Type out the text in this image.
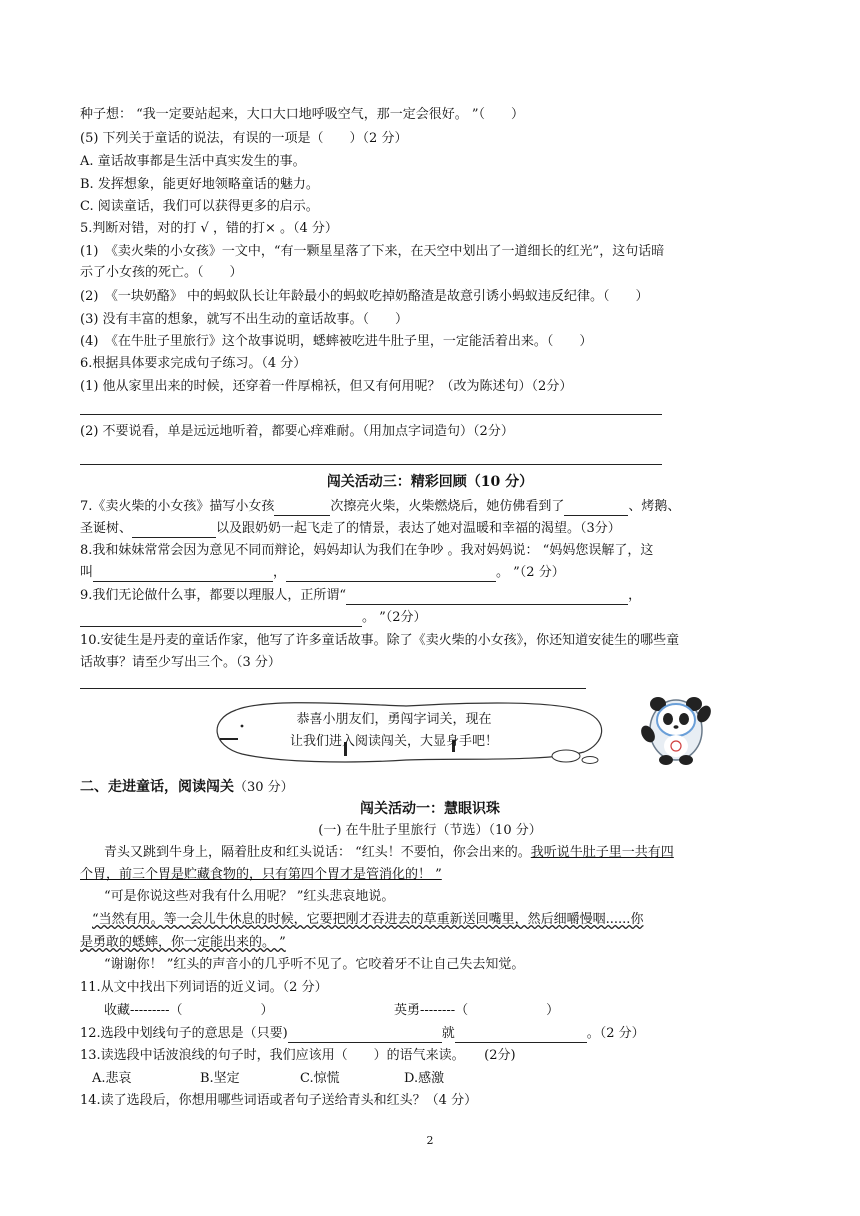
种子想： “我一定要站起来，大口大口地呼吸空气，那一定会很好。 ”（　　）
(5) 下列关于童话的说法，有误的一项是（　　）（2 分）
A. 童话故事都是生活中真实发生的事。
B. 发挥想象，能更好地领略童话的魅力。
C. 阅读童话，我们可以获得更多的启示。
5.判断对错，对的打 √ ，错的打× 。（4 分）
(1)　《卖火柴的小女孩》一文中，“有一颗星星落了下来，在天空中划出了一道细长的红光”，这句话暗
示了小女孩的死亡。（　　）
(2)　《一块奶酪》 中的蚂蚁队长让年龄最小的蚂蚁吃掉奶酪渣是故意引诱小蚂蚁违反纪律。（　　）
(3) 没有丰富的想象，就写不出生动的童话故事。（　　）
(4)　《在牛肚子里旅行》这个故事说明，蟋蟀被吃进牛肚子里，一定能活着出来。（　　）
6.根据具体要求完成句子练习。（4 分）
(1) 他从家里出来的时候，还穿着一件厚棉袄，但又有何用呢？（改为陈述句）（2分）
(2) 不要说看，单是远远地听着，都要心痒难耐。（用加点字词造句）（2分）
闯关活动三：精彩回顾（10 分）
7.《卖火柴的小女孩》描写小女孩	次擦亮火柴，火柴燃烧后，她仿佛看到了	、烤鹅、
圣诞树、	以及跟奶奶一起飞走了的情景，表达了她对温暖和幸福的渴望。（3分）
8.我和妹妹常常会因为意见不同而辩论，妈妈却认为我们在争吵 。我对妈妈说： “妈妈您误解了，这
叫	，	。 ”（2 分）
9.我们无论做什么事，都要以理服人，正所谓“	，
。 ”（2分）
10.安徒生是丹麦的童话作家，他写了许多童话故事。除了《卖火柴的小女孩》，你还知道安徒生的哪些童
话故事？请至少写出三个。（3 分）
恭喜小朋友们，勇闯字词关，现在
让我们进入阅读闯关，大显身手吧！
二、走进童话，阅读闯关（30 分）
闯关活动一：慧眼识珠
(一) 在牛肚子里旅行（节选）（10 分）
青头又跳到牛身上，隔着肚皮和红头说话： “红头！不要怕，你会出来的。我听说牛肚子里一共有四
个胃，前三个胃是贮藏食物的，只有第四个胃才是管消化的！ ”
“可是你说这些对我有什么用呢？ ”红头悲哀地说。
“当然有用。等一会儿牛休息的时候，它要把刚才吞进去的草重新送回嘴里，然后细嚼慢咽......你
是勇敢的蟋蟀，你一定能出来的。 ”
“谢谢你！ ”红头的声音小的几乎听不见了。它咬着牙不让自己失去知觉。
11.从文中找出下列词语的近义词。（2 分）
收藏---------（　　　　　　）	英勇--------（　　　　　　）
12.选段中划线句子的意思是（只要)	就	。（2 分）
13.读选段中话波浪线的句子时，我们应该用（　　）的语气来读。　　(2分)
A.悲哀	B.坚定	C.惊慌	D.感激
14.读了选段后，你想用哪些词语或者句子送给青头和红头？（4 分）
2
